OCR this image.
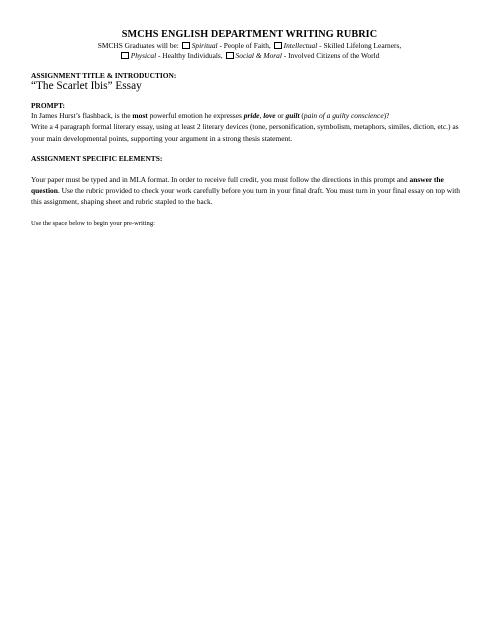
SMCHS ENGLISH DEPARTMENT WRITING RUBRIC

SMCHS Graduates will be: Spiritual - People of Faith, Intellectual - Skilled Lifelong Learners,

Physical - Healthy Individuals, Social & Moral - Involved Citizens of the World

ASSIGNMENT TITLE & INTRODUCTION:

“The Scarlet Ibis” Essay

PROMPT:

In James Hurst’s flashback, is the most powerful emotion he expresses pride, love or guilt (pain of a guilty conscience)?

Write a 4 paragraph formal literary essay, using at least 2 literary devices (tone, personification, symbolism, metaphors, similes, diction, etc.) as your main developmental points, supporting your argument in a strong thesis statement.

ASSIGNMENT SPECIFIC ELEMENTS:

Your paper must be typed and in MLA format. In order to receive full credit, you must follow the directions in this prompt and answer the question. Use the rubric provided to check your work carefully before you turn in your final draft. You must turn in your final essay on top with this assignment, shaping sheet and rubric stapled to the back.

Use the space below to begin your pre-writing:
